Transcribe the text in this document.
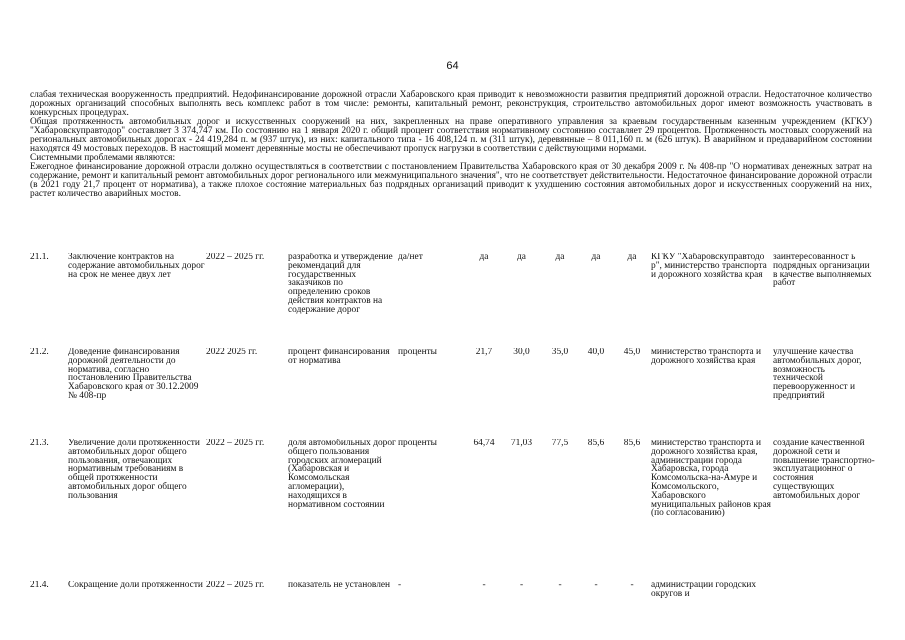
64

слабая техническая вооруженность предприятий. Недофинансирование дорожной отрасли Хабаровского края приводит к невозможности развития предприятий дорожной отрасли. Недостаточное количество дорожных организаций способных выполнять весь комплекс работ в том числе: ремонты, капитальный ремонт, реконструкция, строительство автомобильных дорог имеют возможность участвовать в конкурсных процедурах.

Общая протяженность автомобильных дорог и искусственных сооружений на них, закрепленных на праве оперативного управления за краевым государственным казенным учреждением (КГКУ) "Хабаровскуправтодор" составляет 3 374,747 км. По состоянию на 1 января 2020 г. общий процент соответствия нормативному состоянию составляет 29 процентов. Протяженность мостовых сооружений на региональных автомобильных дорогах - 24 419,284 п. м (937 штук), из них: капитального типа - 16 408,124 п. м (311 штук), деревянные – 8 011,160 п. м (626 штук). В аварийном и предаварийном состоянии находятся 49 мостовых переходов. В настоящий момент деревянные мосты не обеспечивают пропуск нагрузки в соответствии с действующими нормами.

Системными проблемами являются:

Ежегодное финансирование дорожной отрасли должно осуществляться в соответствии с постановлением Правительства Хабаровского края от 30 декабря 2009 г. № 408-пр "О нормативах денежных затрат на содержание, ремонт и капитальный ремонт автомобильных дорог регионального или межмуниципального значения", что не соответствует действительности. Недостаточное финансирование дорожной отрасли (в 2021 году 21,7 процент от норматива), а также плохое состояние материальных баз подрядных организаций приводит к ухудшению состояния автомобильных дорог и искусственных сооружений на них, растет количество аварийных мостов.

21.1.	Заключение контрактов на содержание автомобильных дорог на срок не менее двух лет	2022 – 2025 гг.	разработка и утверждение рекомендаций для государственных заказчиков по определению сроков действия контрактов на содержание дорог	да/нет	да	да	да	да	да	КГКУ "Хабаровскуправтодо р", министерство транспорта и дорожного хозяйства края	заинтересованност ь подрядных организации в качестве выполняемых работ
21.2.	Доведение финансирования дорожной деятельности до норматива, согласно постановлению Правительства Хабаровского края от 30.12.2009 № 408-пр	2022 2025 гг.	процент финансирования от норматива	проценты	21,7	30,0	35,0	40,0	45,0	министерство транспорта и дорожного хозяйства края	улучшение качества автомобильных дорог, возможность технической перевооруженност и предприятий
21.3.	Увеличение доли протяженности автомобильных дорог общего пользования, отвечающих нормативным требованиям в общей протяженности автомобильных дорог общего пользования	2022 – 2025 гг.	доля автомобильных дорог общего пользования городских агломераций (Хабаровская и Комсомольская агломерации), находящихся в нормативном состоянии	проценты	64,74	71,03	77,5	85,6	85,6	министерство транспорта и дорожного хозяйства края, администрации города Хабаровска, города Комсомольска-на-Амуре и Комсомольского, Хабаровского муниципальных районов края (по согласованию)	создание качественной дорожной сети и повышение транспортно-эксплуатационног о состояния существующих автомобильных дорог
21.4.	Сокращение доли протяженности	2022 – 2025 гг.	показатель не установлен	-	-	-	-	-	-	администрации городских округов и	
